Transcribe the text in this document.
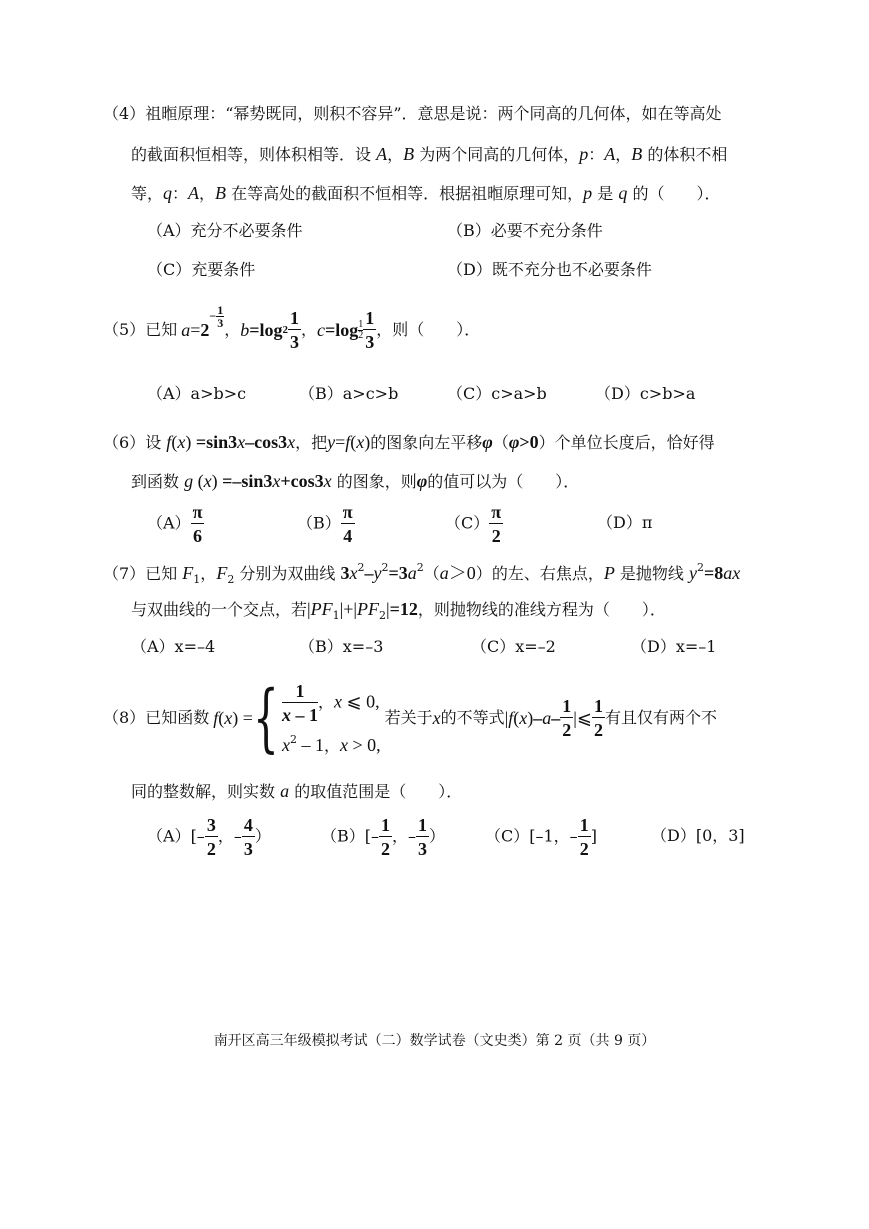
（4）祖暅原理：“幂势既同，则积不容异”．意思是说：两个同高的几何体，如在等高处
的截面积恒相等，则体积相等．设 A，B 为两个同高的几何体，p：A，B 的体积不相
等，q：A，B 在等高处的截面积不恒相等．根据祖暅原理可知，p 是 q 的（　　）．
（A）充分不必要条件	（B）必要不充分条件
（C）充要条件	（D）既不充分也不必要条件
（5） 已知 a = 2
− $\frac{1}{3}$
， b =log $2 \frac{1}{3}$ ， c =log 1
$2 \frac{1}{3}$ ，则（　　）．
（A）a>b>c	（B）a>c>b	（C）c>a>b	（D）c>b>a
（6）设 f(x) =sin3x–cos3x，把y=f(x)的图象向左平移φ（φ>0）个单位长度后，恰好得
到函数 g (x) =–sin3x+cos3x 的图象，则φ的值可以为（　　）．
$(A) \frac{\pi}{6}$	$(B) \frac{\pi}{4}$	$(C) \frac{\pi}{2}$	（D）π
（7）已知 $F_1$，$F_2$ 分别为双曲线 $3x^2-y^2=3a^2(a>0)$的左、右焦点，P 是抛物线 $y^2=8ax$
与双曲线的一个交点，若$|PF_1|+|PF_2|=12$，则抛物线的准线方程为（　　）．
（A）x=–4	（B）x=–3	（C）x=–2	（D）x=–1
（8） 已知函数 f ( x ) = { $\frac{1}{x - 1}$ ，x ⩽ 0,
$x^2 - 1$，x > 0,
若关于 x 的不等式 | f ( x ) – a – $\frac{1}{2}$ |⩽ $\frac{1}{2}$ 有且仅有两个不
同的整数解，则实数 a 的取值范围是（　　）．
$(A)[- \frac{3}{2}$ ，– $\frac{4}{3}$ ）	$(B)[- \frac{1}{2}$ ，– $\frac{1}{3}$ ） （C）[–1，– $\frac{1}{2}$ ]	（D）[0，3]
南开区高三年级模拟考试（二）数学试卷（文史类）第 2 页（共 9 页）
